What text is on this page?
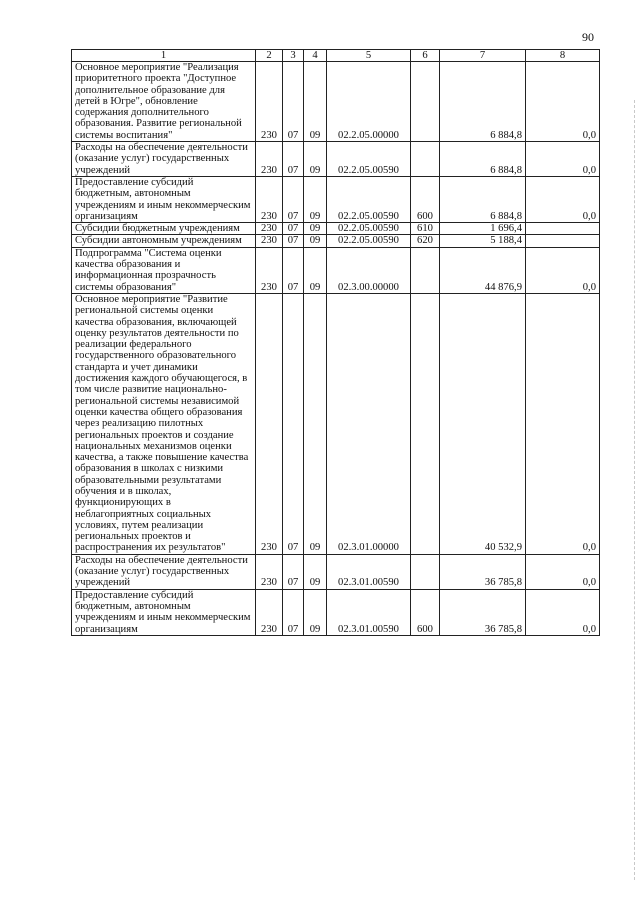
90
1	2	3	4	5	6	7	8
Основное мероприятие "Реализация приоритетного проекта "Доступное дополнительное образование для детей в Югре", обновление содержания дополнительного образования. Развитие региональной системы воспитания"	230	07	09	02.2.05.00000		6 884,8	0,0
Расходы на обеспечение деятельности (оказание услуг) государственных учреждений	230	07	09	02.2.05.00590		6 884,8	0,0
Предоставление субсидий бюджетным, автономным учреждениям и иным некоммерческим организациям	230	07	09	02.2.05.00590	600	6 884,8	0,0
Субсидии бюджетным учреждениям	230	07	09	02.2.05.00590	610	1 696,4	
Субсидии автономным учреждениям	230	07	09	02.2.05.00590	620	5 188,4	
Подпрограмма "Система оценки качества образования и информационная прозрачность системы образования"	230	07	09	02.3.00.00000		44 876,9	0,0
Основное мероприятие "Развитие региональной системы оценки качества образования, включающей оценку результатов деятельности по реализации федерального государственного образовательного стандарта и учет динамики достижения каждого обучающегося, в том числе развитие национально-региональной системы независимой оценки качества общего образования через реализацию пилотных региональных проектов и создание национальных механизмов оценки качества, а также повышение качества образования в школах с низкими образовательными результатами обучения и в школах, функционирующих в неблагоприятных социальных условиях, путем реализации региональных проектов и распространения их результатов"	230	07	09	02.3.01.00000		40 532,9	0,0
Расходы на обеспечение деятельности (оказание услуг) государственных учреждений	230	07	09	02.3.01.00590		36 785,8	0,0
Предоставление субсидий бюджетным, автономным учреждениям и иным некоммерческим организациям	230	07	09	02.3.01.00590	600	36 785,8	0,0
